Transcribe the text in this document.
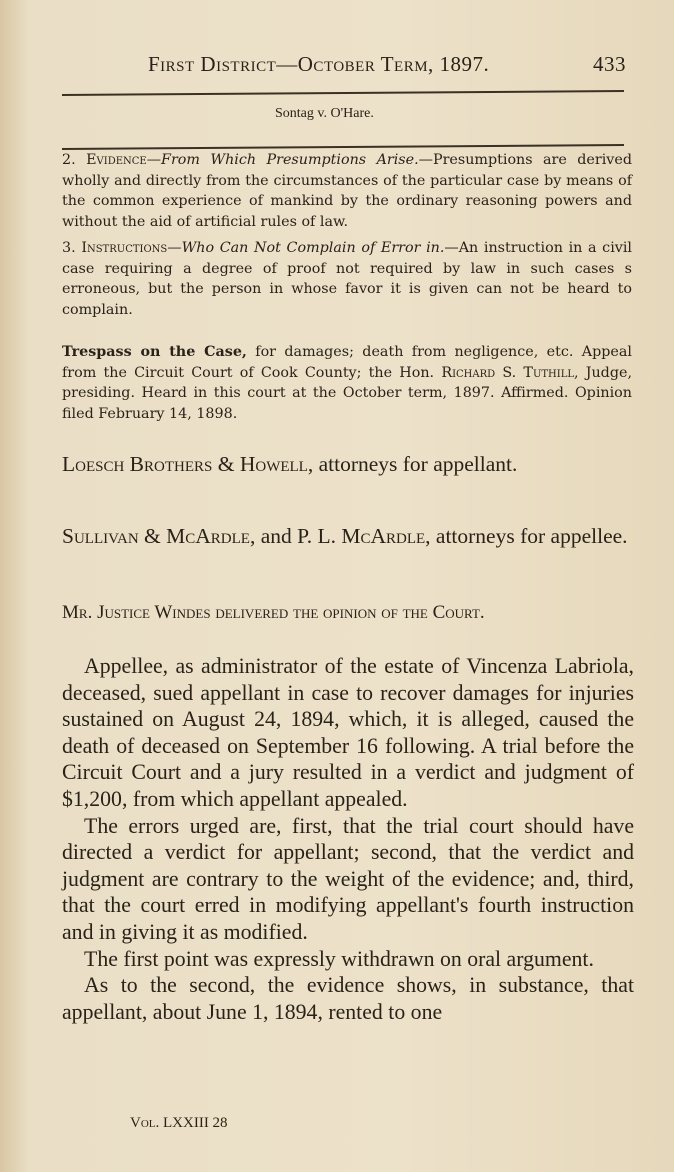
First District—October Term, 1897.	433
Sontag v. O'Hare.
2. Evidence—From Which Presumptions Arise.—Presumptions are derived wholly and directly from the circumstances of the particular case by means of the common experience of mankind by the ordinary reasoning powers and without the aid of artificial rules of law.
3. Instructions—Who Can Not Complain of Error in.—An instruction in a civil case requiring a degree of proof not required by law in such cases s erroneous, but the person in whose favor it is given can not be heard to complain.
Trespass on the Case, for damages; death from negligence, etc. Appeal from the Circuit Court of Cook County; the Hon. Richard S. Tuthill, Judge, presiding. Heard in this court at the October term, 1897. Affirmed. Opinion filed February 14, 1898.
Loesch Brothers & Howell, attorneys for appellant.
Sullivan & McArdle, and P. L. McArdle, attorneys for appellee.
Mr. Justice Windes delivered the opinion of the Court.

Appellee, as administrator of the estate of Vincenza Labriola, deceased, sued appellant in case to recover damages for injuries sustained on August 24, 1894, which, it is alleged, caused the death of deceased on September 16 following. A trial before the Circuit Court and a jury resulted in a verdict and judgment of $1,200, from which appellant appealed.

The errors urged are, first, that the trial court should have directed a verdict for appellant; second, that the verdict and judgment are contrary to the weight of the evidence; and, third, that the court erred in modifying appellant's fourth instruction and in giving it as modified.

The first point was expressly withdrawn on oral argument.

As to the second, the evidence shows, in substance, that appellant, about June 1, 1894, rented to one

Vol. LXXIII 28
